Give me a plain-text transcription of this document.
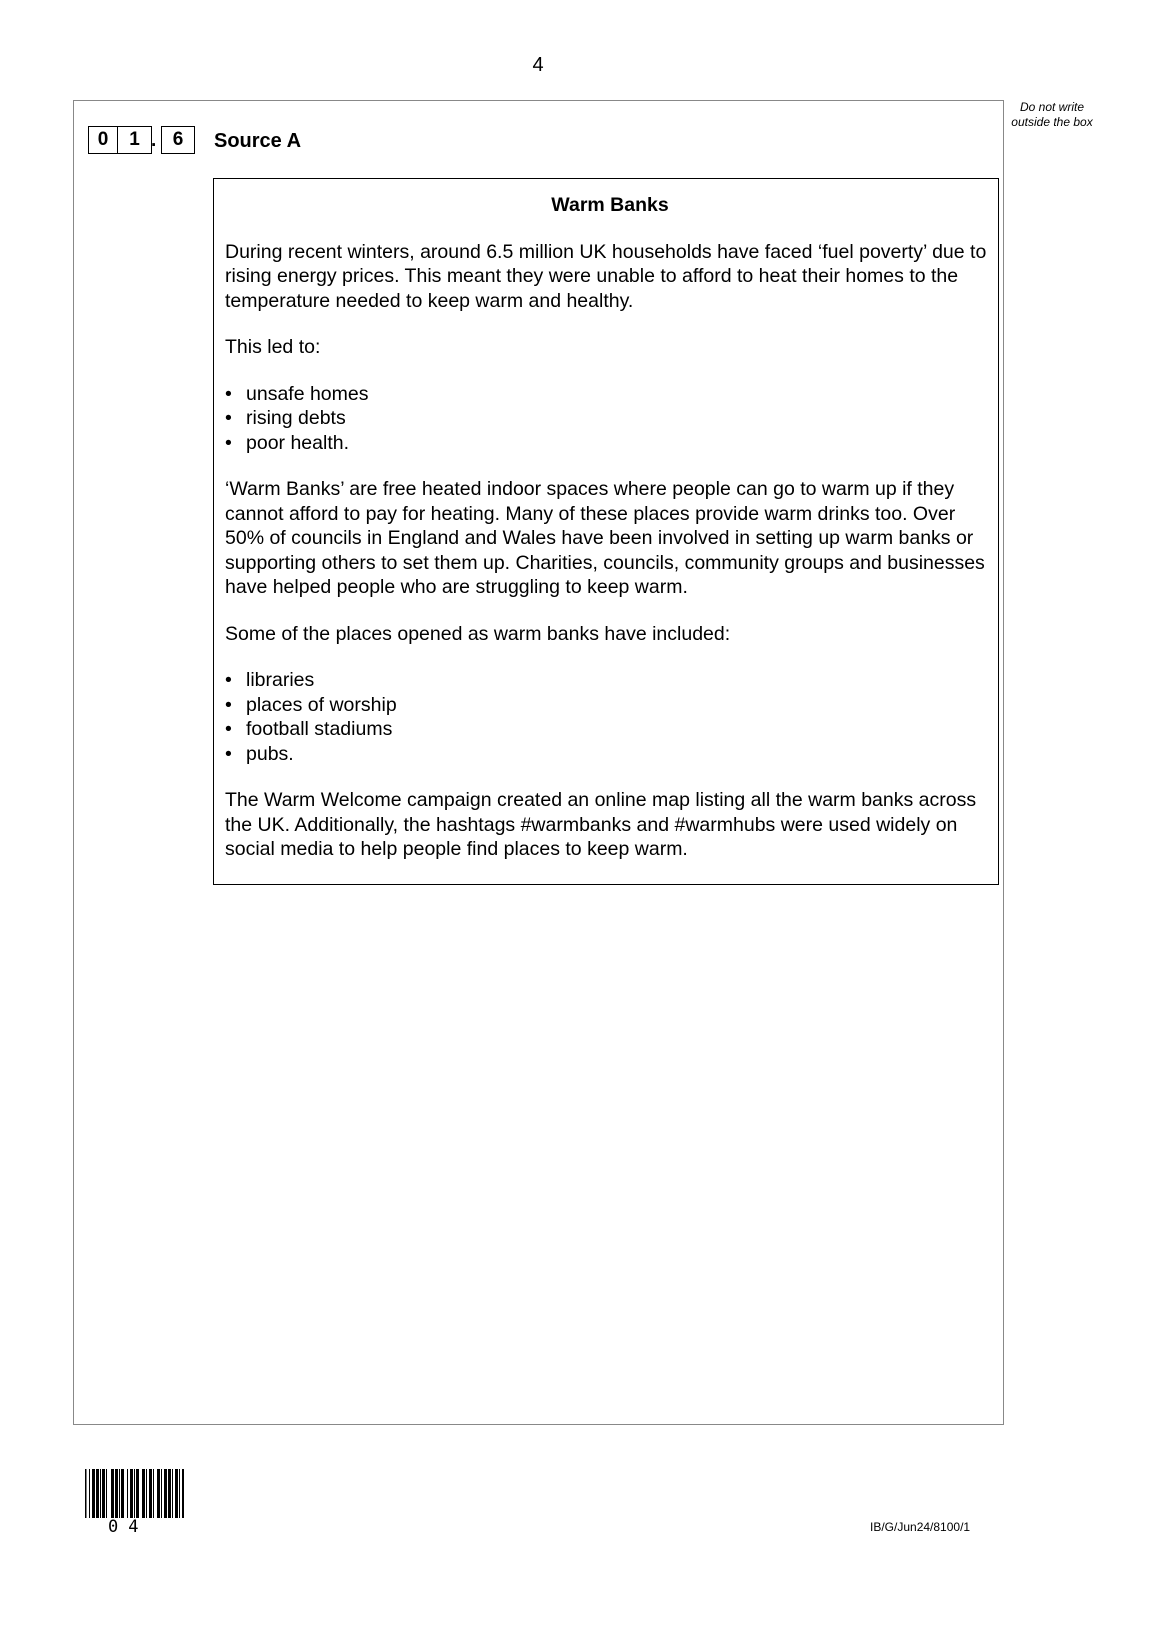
4
Do not write outside the box
0	1 . 6	Source A
Warm Banks

During recent winters, around 6.5 million UK households have faced ‘fuel poverty’ due to rising energy prices. This meant they were unable to afford to heat their homes to the temperature needed to keep warm and healthy.

This led to:

• unsafe homes
• rising debts
• poor health.

‘Warm Banks’ are free heated indoor spaces where people can go to warm up if they cannot afford to pay for heating. Many of these places provide warm drinks too. Over 50% of councils in England and Wales have been involved in setting up warm banks or supporting others to set them up. Charities, councils, community groups and businesses have helped people who are struggling to keep warm.

Some of the places opened as warm banks have included:

• libraries
• places of worship
• football stadiums
• pubs.

The Warm Welcome campaign created an online map listing all the warm banks across the UK. Additionally, the hashtags #warmbanks and #warmhubs were used widely on social media to help people find places to keep warm.

04	IB/G/Jun24/8100/1
